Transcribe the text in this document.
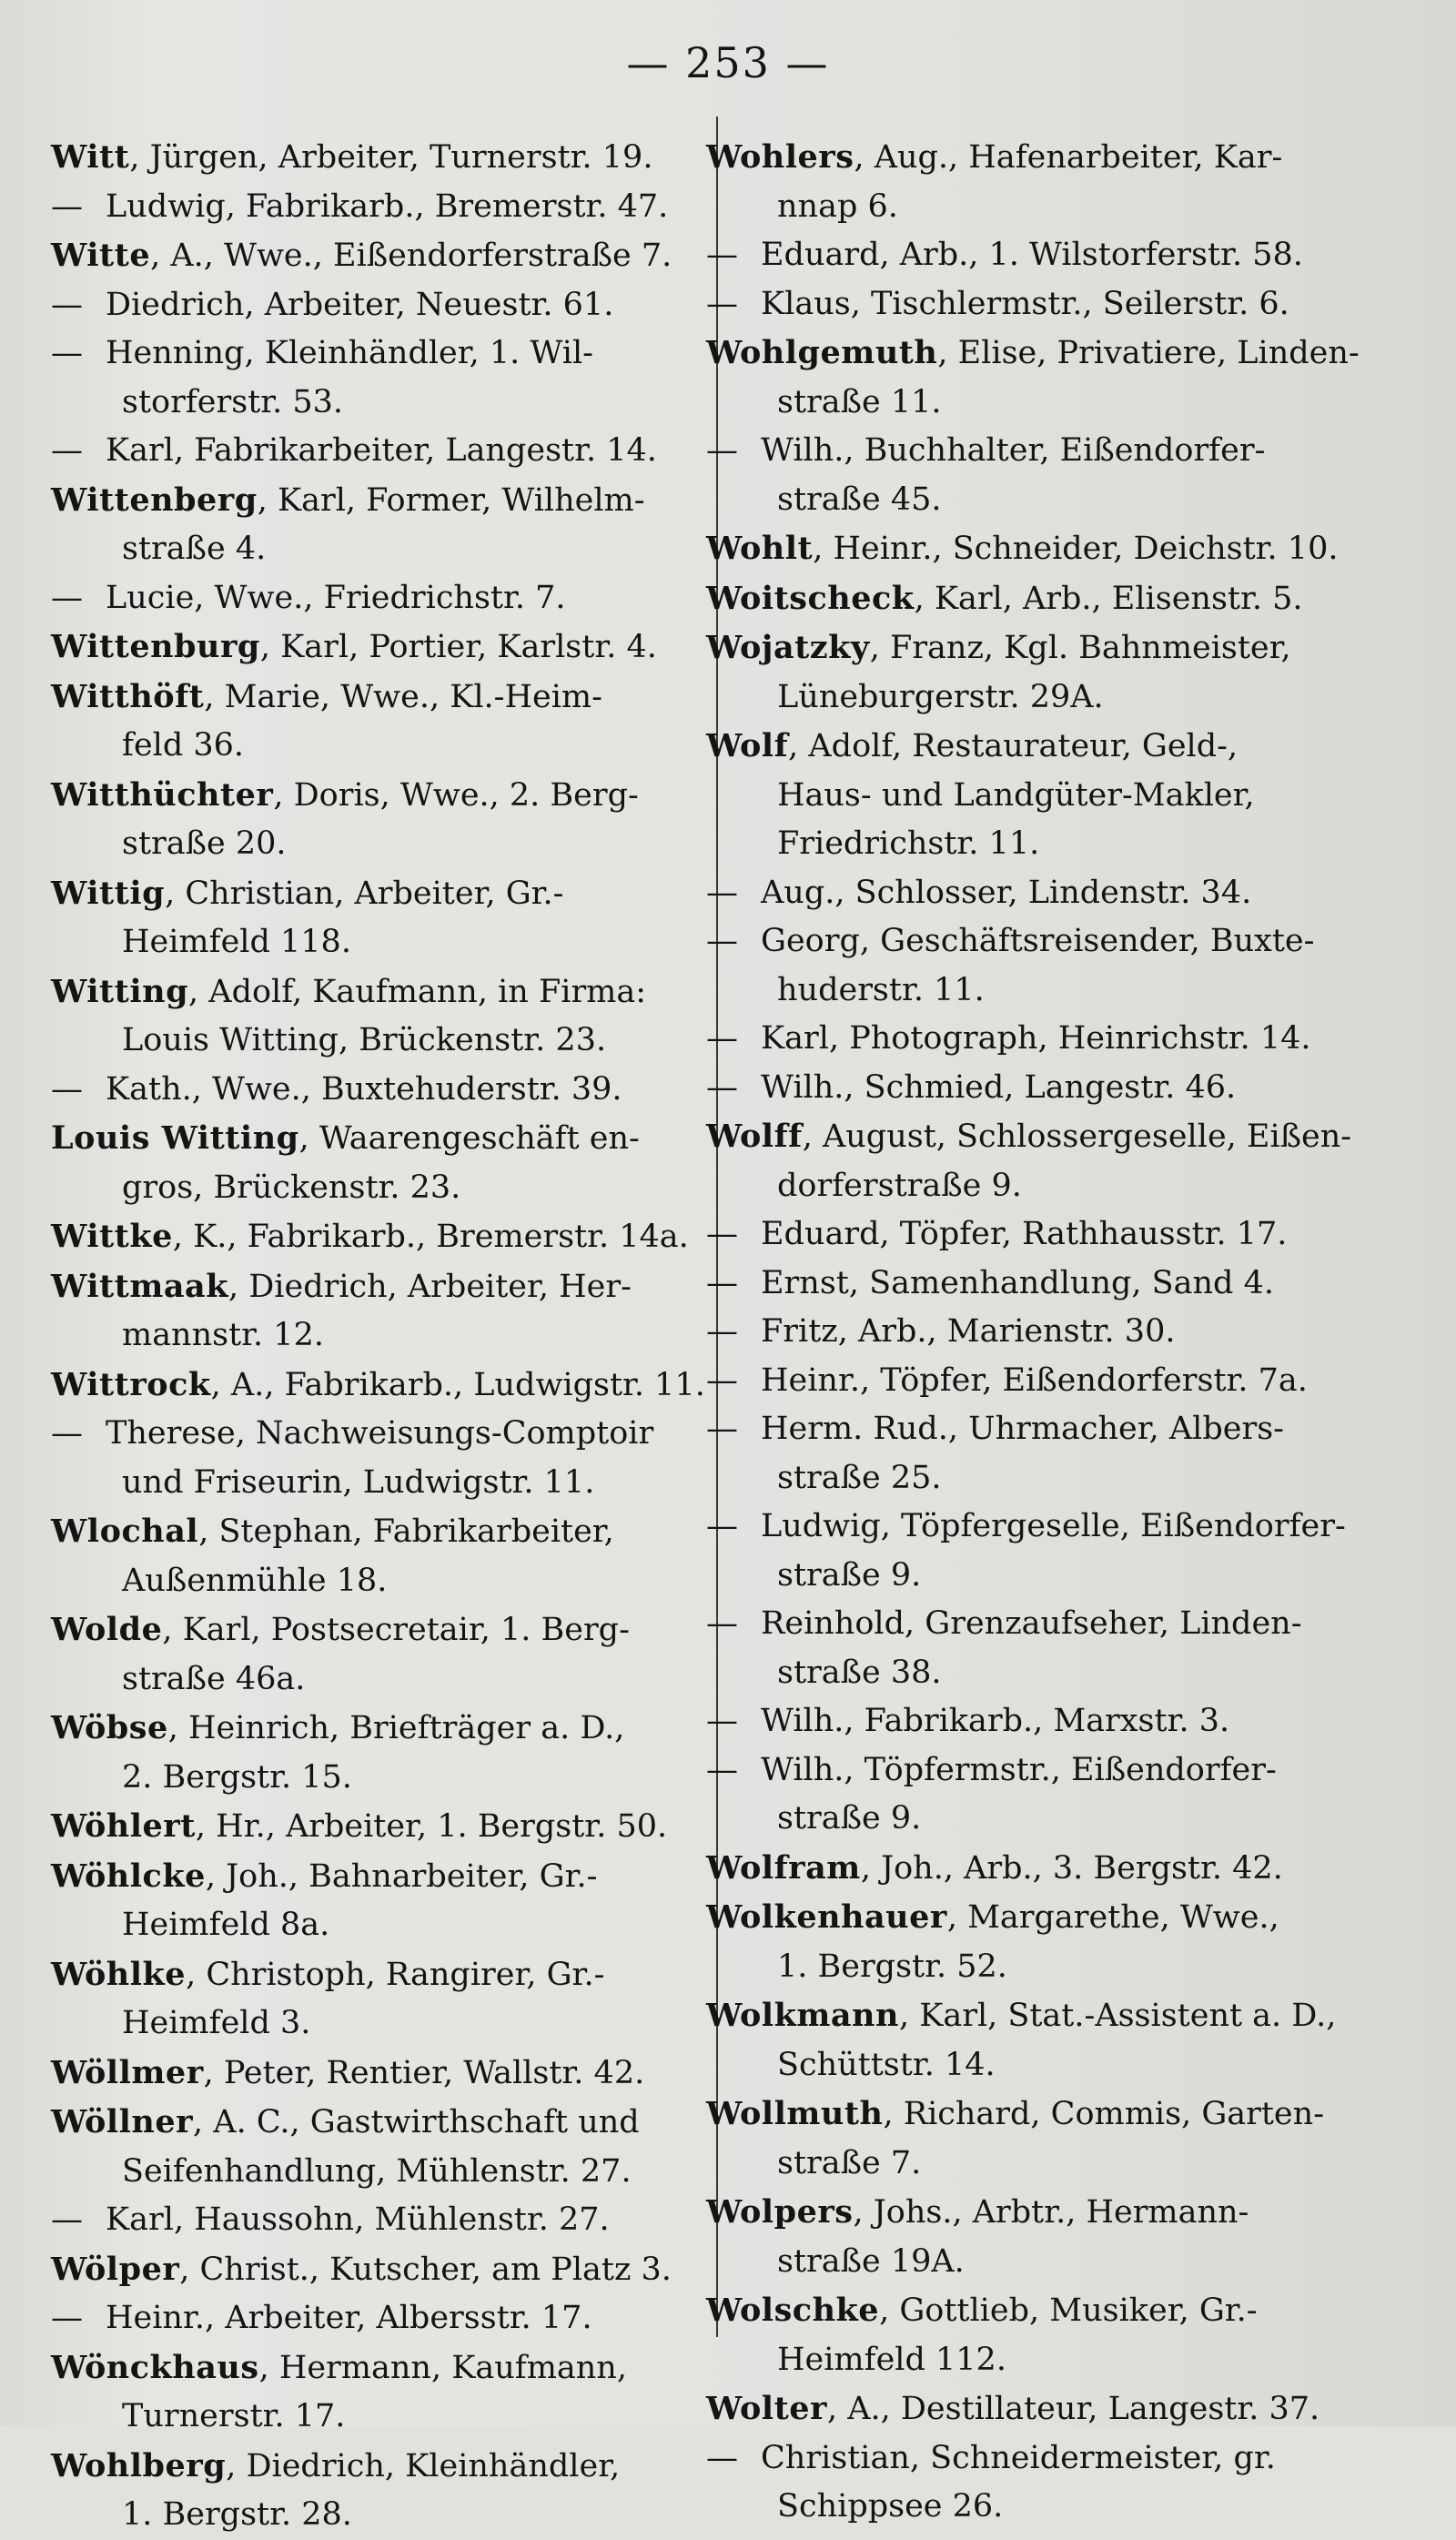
— 253 —
Witt, Jürgen, Arbeiter, Turnerstr. 19.
— Ludwig, Fabrikarb., Bremerstr. 47.
Witte, A., Wwe., Eißendorferstraße 7.
— Diedrich, Arbeiter, Neuestr. 61.
— Henning, Kleinhändler, 1. Wil-
storferstr. 53.
— Karl, Fabrikarbeiter, Langestr. 14.
Wittenberg, Karl, Former, Wilhelm-
straße 4.
— Lucie, Wwe., Friedrichstr. 7.
Wittenburg, Karl, Portier, Karlstr. 4.
Witthöft, Marie, Wwe., Kl.-Heim-
feld 36.
Witthüchter, Doris, Wwe., 2. Berg-
straße 20.
Wittig, Christian, Arbeiter, Gr.-
Heimfeld 118.
Witting, Adolf, Kaufmann, in Firma:
Louis Witting, Brückenstr. 23.
— Kath., Wwe., Buxtehuderstr. 39.
Louis Witting, Waarengeschäft en-
gros, Brückenstr. 23.
Wittke, K., Fabrikarb., Bremerstr. 14a.
Wittmaak, Diedrich, Arbeiter, Her-
mannstr. 12.
Wittrock, A., Fabrikarb., Ludwigstr. 11.
— Therese, Nachweisungs-Comptoir
und Friseurin, Ludwigstr. 11.
Wlochal, Stephan, Fabrikarbeiter,
Außenmühle 18.
Wolde, Karl, Postsecretair, 1. Berg-
straße 46a.
Wöbse, Heinrich, Briefträger a. D.,
2. Bergstr. 15.
Wöhlert, Hr., Arbeiter, 1. Bergstr. 50.
Wöhlcke, Joh., Bahnarbeiter, Gr.-
Heimfeld 8a.
Wöhlke, Christoph, Rangirer, Gr.-
Heimfeld 3.
Wöllmer, Peter, Rentier, Wallstr. 42.
Wöllner, A. C., Gastwirthschaft und
Seifenhandlung, Mühlenstr. 27.
— Karl, Haussohn, Mühlenstr. 27.
Wölper, Christ., Kutscher, am Platz 3.
— Heinr., Arbeiter, Albersstr. 17.
Wönckhaus, Hermann, Kaufmann,
Turnerstr. 17.
Wohlberg, Diedrich, Kleinhändler,
1. Bergstr. 28.
Wohlers, Aug., Hafenarbeiter, Kar-
nnap 6.
— Eduard, Arb., 1. Wilstorferstr. 58.
— Klaus, Tischlermstr., Seilerstr. 6.
Wohlgemuth, Elise, Privatiere, Linden-
straße 11.
— Wilh., Buchhalter, Eißendorfer-
straße 45.
Wohlt, Heinr., Schneider, Deichstr. 10.
Woitscheck, Karl, Arb., Elisenstr. 5.
Wojatzky, Franz, Kgl. Bahnmeister,
Lüneburgerstr. 29A.
Wolf, Adolf, Restaurateur, Geld-,
Haus- und Landgüter-Makler,
Friedrichstr. 11.
— Aug., Schlosser, Lindenstr. 34.
— Georg, Geschäftsreisender, Buxte-
huderstr. 11.
— Karl, Photograph, Heinrichstr. 14.
— Wilh., Schmied, Langestr. 46.
Wolff, August, Schlossergeselle, Eißen-
dorferstraße 9.
— Eduard, Töpfer, Rathhausstr. 17.
— Ernst, Samenhandlung, Sand 4.
— Fritz, Arb., Marienstr. 30.
— Heinr., Töpfer, Eißendorferstr. 7a.
— Herm. Rud., Uhrmacher, Albers-
straße 25.
— Ludwig, Töpfergeselle, Eißendorfer-
straße 9.
— Reinhold, Grenzaufseher, Linden-
straße 38.
— Wilh., Fabrikarb., Marxstr. 3.
— Wilh., Töpfermstr., Eißendorfer-
straße 9.
Wolfram, Joh., Arb., 3. Bergstr. 42.
Wolkenhauer, Margarethe, Wwe.,
1. Bergstr. 52.
Wolkmann, Karl, Stat.-Assistent a. D.,
Schüttstr. 14.
Wollmuth, Richard, Commis, Garten-
straße 7.
Wolpers, Johs., Arbtr., Hermann-
straße 19A.
Wolschke, Gottlieb, Musiker, Gr.-
Heimfeld 112.
Wolter, A., Destillateur, Langestr. 37.
— Christian, Schneidermeister, gr.
Schippsee 26.
